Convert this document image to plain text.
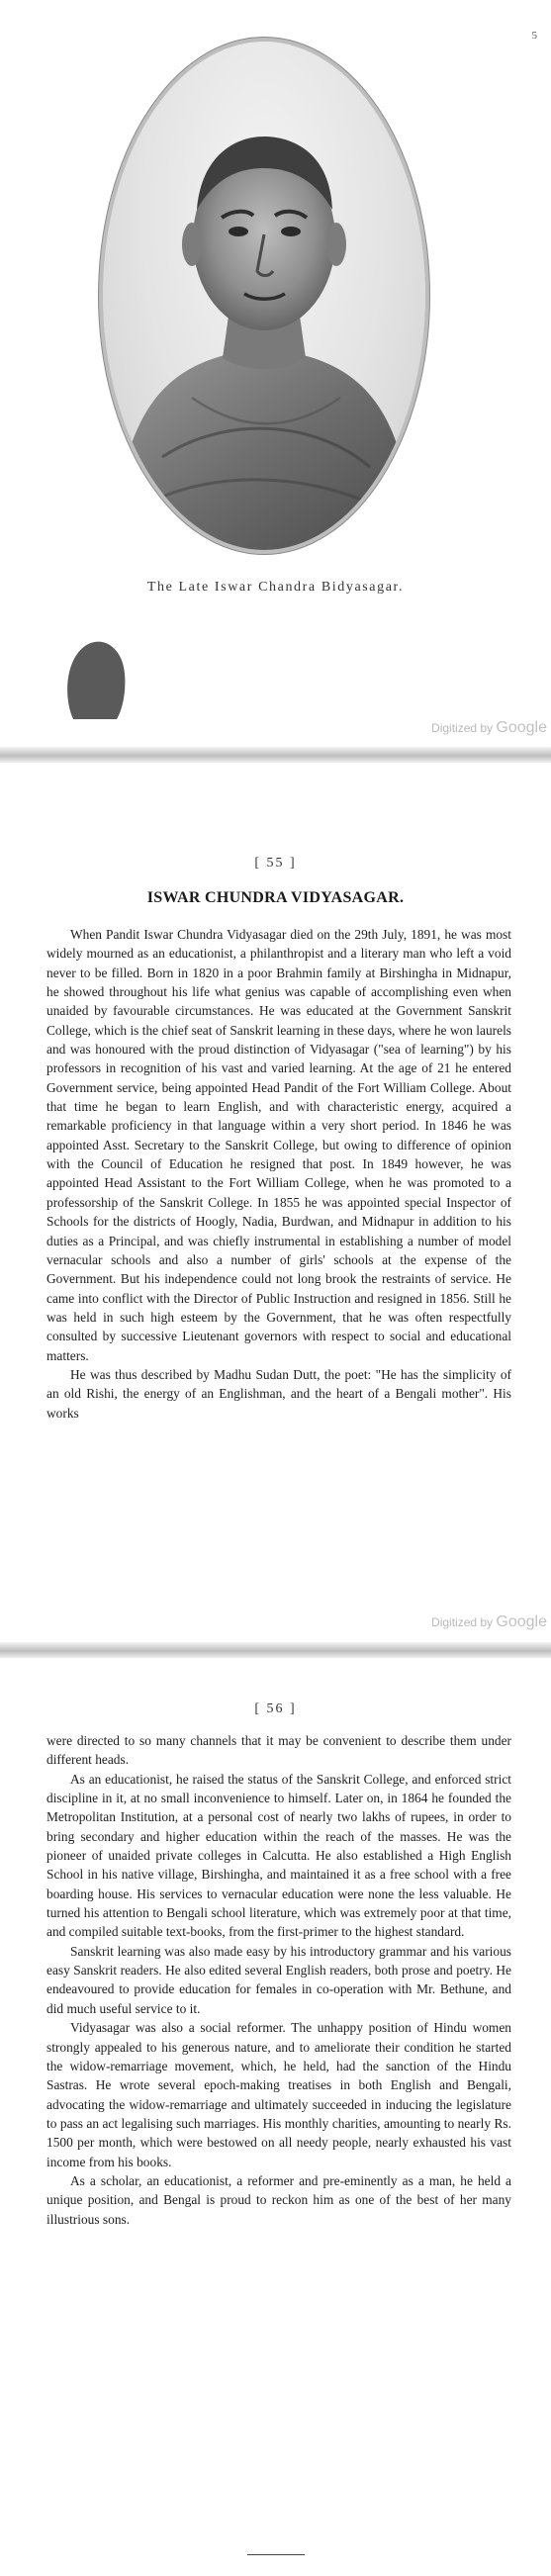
5
The Late Iswar Chandra Bidyasagar.
Digitized by Google
[ 55 ]
ISWAR CHUNDRA VIDYASAGAR.

When Pandit Iswar Chundra Vidyasagar died on the 29th July, 1891, he was most widely mourned as an educationist, a philanthropist and a literary man who left a void never to be filled. Born in 1820 in a poor Brahmin family at Birshingha in Midnapur, he showed throughout his life what genius was capable of accomplishing even when unaided by favourable circumstances. He was educated at the Government Sanskrit College, which is the chief seat of Sanskrit learning in these days, where he won laurels and was honoured with the proud distinction of Vidyasagar ("sea of learning") by his professors in recognition of his vast and varied learning. At the age of 21 he entered Government service, being appointed Head Pandit of the Fort William College. About that time he began to learn English, and with characteristic energy, acquired a remarkable proficiency in that language within a very short period. In 1846 he was appointed Asst. Secretary to the Sanskrit College, but owing to difference of opinion with the Council of Education he resigned that post. In 1849 however, he was appointed Head Assistant to the Fort William College, when he was promoted to a professorship of the Sanskrit College. In 1855 he was appointed special Inspector of Schools for the districts of Hoogly, Nadia, Burdwan, and Midnapur in addition to his duties as a Principal, and was chiefly instrumental in establishing a number of model vernacular schools and also a number of girls' schools at the expense of the Government. But his independence could not long brook the restraints of service. He came into conflict with the Director of Public Instruction and resigned in 1856. Still he was held in such high esteem by the Government, that he was often respectfully consulted by successive Lieutenant governors with respect to social and educational matters.

He was thus described by Madhu Sudan Dutt, the poet: "He has the simplicity of an old Rishi, the energy of an Englishman, and the heart of a Bengali mother". His works

Digitized by Google
[ 56 ]

were directed to so many channels that it may be convenient to describe them under different heads.

As an educationist, he raised the status of the Sanskrit College, and enforced strict discipline in it, at no small inconvenience to himself. Later on, in 1864 he founded the Metropolitan Institution, at a personal cost of nearly two lakhs of rupees, in order to bring secondary and higher education within the reach of the masses. He was the pioneer of unaided private colleges in Calcutta. He also established a High English School in his native village, Birshingha, and maintained it as a free school with a free boarding house. His services to vernacular education were none the less valuable. He turned his attention to Bengali school literature, which was extremely poor at that time, and compiled suitable text-books, from the first-primer to the highest standard.

Sanskrit learning was also made easy by his introductory grammar and his various easy Sanskrit readers. He also edited several English readers, both prose and poetry. He endeavoured to provide education for females in co-operation with Mr. Bethune, and did much useful service to it.

Vidyasagar was also a social reformer. The unhappy position of Hindu women strongly appealed to his generous nature, and to ameliorate their condition he started the widow-remarriage movement, which, he held, had the sanction of the Hindu Sastras. He wrote several epoch-making treatises in both English and Bengali, advocating the widow-remarriage and ultimately succeeded in inducing the legislature to pass an act legalising such marriages. His monthly charities, amounting to nearly Rs. 1500 per month, which were bestowed on all needy people, nearly exhausted his vast income from his books.

As a scholar, an educationist, a reformer and pre-eminently as a man, he held a unique position, and Bengal is proud to reckon him as one of the best of her many illustrious sons.
